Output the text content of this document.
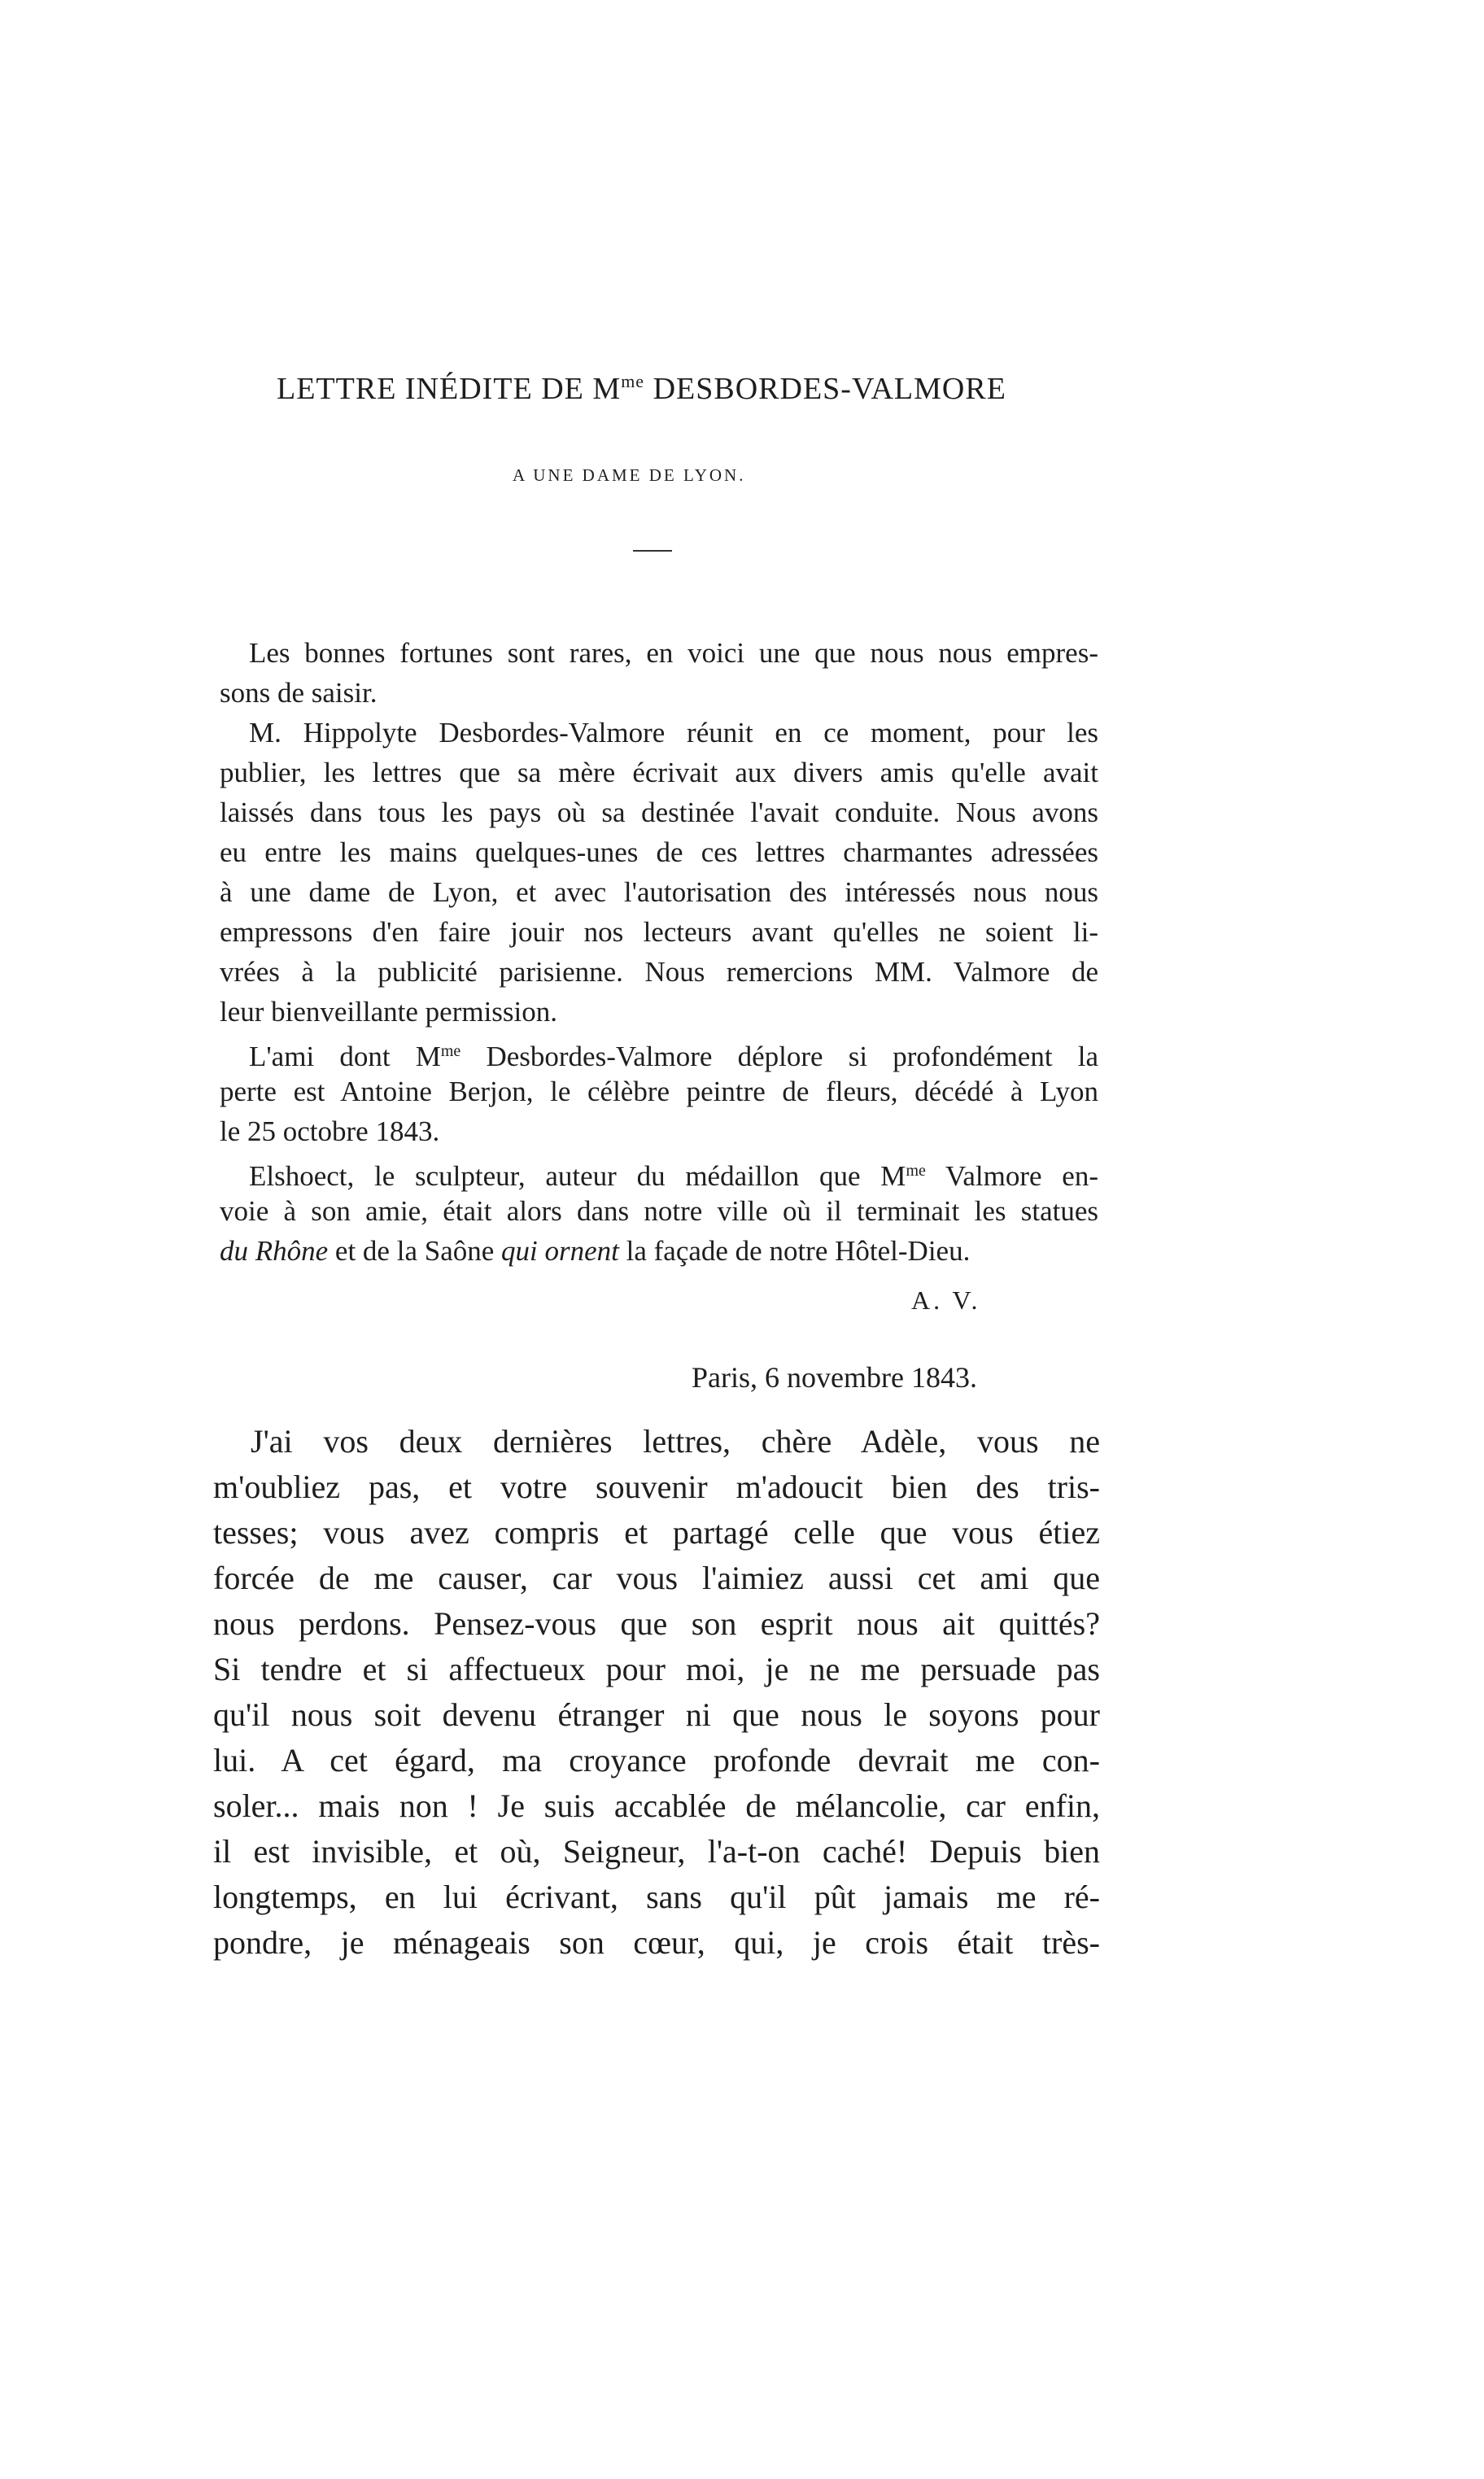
LETTRE INÉDITE DE $M^{me}$ DESBORDES-VALMORE
A UNE DAME DE LYON.
Les bonnes fortunes sont rares, en voici une que nous nous empres-
sons de saisir.
M. Hippolyte Desbordes-Valmore réunit en ce moment, pour les
publier, les lettres que sa mère écrivait aux divers amis qu'elle avait
laissés dans tous les pays où sa destinée l'avait conduite. Nous avons
eu entre les mains quelques-unes de ces lettres charmantes adressées
à une dame de Lyon, et avec l'autorisation des intéressés nous nous
empressons d'en faire jouir nos lecteurs avant qu'elles ne soient li-
vrées à la publicité parisienne. Nous remercions MM. Valmore de
leur bienveillante permission.
L'ami dont $M^{me}$ Desbordes-Valmore déplore si profondément la
perte est Antoine Berjon, le célèbre peintre de fleurs, décédé à Lyon
le 25 octobre 1843.
Elshoect, le sculpteur, auteur du médaillon que $M^{me}$ Valmore en-
voie à son amie, était alors dans notre ville où il terminait les statues
du Rhône et de la Saône qui ornent la façade de notre Hôtel-Dieu.
A. V.
Paris, 6 novembre 1843.
J'ai vos deux dernières lettres, chère Adèle, vous ne
m'oubliez pas, et votre souvenir m'adoucit bien des tris-
tesses; vous avez compris et partagé celle que vous étiez
forcée de me causer, car vous l'aimiez aussi cet ami que
nous perdons. Pensez-vous que son esprit nous ait quittés?
Si tendre et si affectueux pour moi, je ne me persuade pas
qu'il nous soit devenu étranger ni que nous le soyons pour
lui. A cet égard, ma croyance profonde devrait me con-
soler... mais non ! Je suis accablée de mélancolie, car enfin,
il est invisible, et où, Seigneur, l'a-t-on caché! Depuis bien
longtemps, en lui écrivant, sans qu'il pût jamais me ré-
pondre, je ménageais son cœur, qui, je crois était très-
